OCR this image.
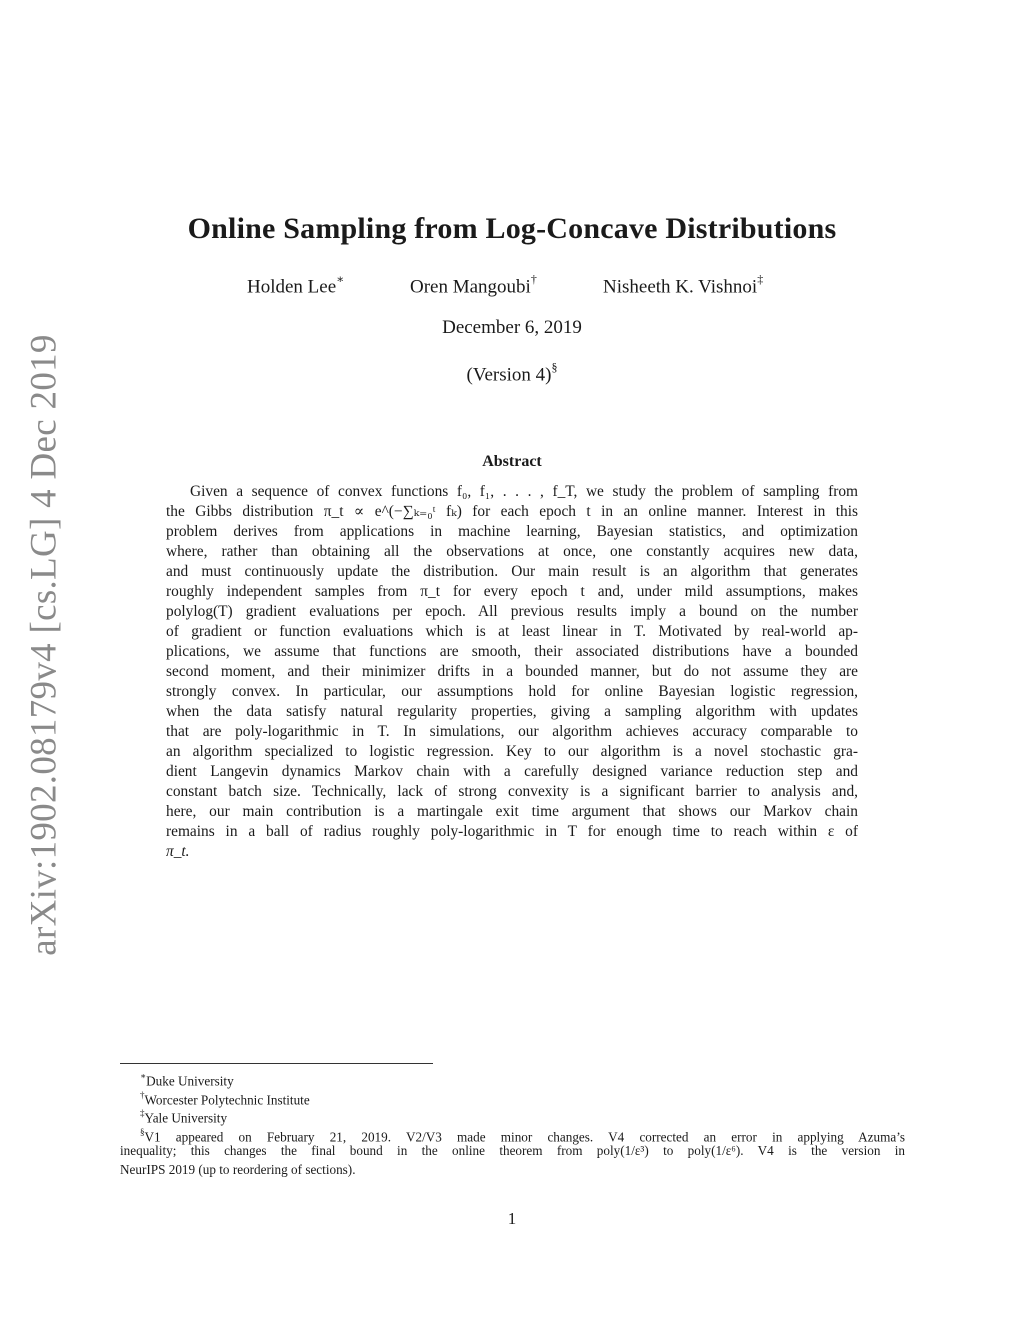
arXiv:1902.08179v4 [cs.LG] 4 Dec 2019
Online Sampling from Log-Concave Distributions
Holden Lee∗	Oren Mangoubi†	Nisheeth K. Vishnoi‡
December 6, 2019
(Version 4)§
Abstract
Given a sequence of convex functions f₀, f₁, . . . , f_T, we study the problem of sampling from
the Gibbs distribution π_t ∝ e^(−∑ₖ₌₀ᵗ fₖ) for each epoch t in an online manner. Interest in this
problem derives from applications in machine learning, Bayesian statistics, and optimization
where, rather than obtaining all the observations at once, one constantly acquires new data,
and must continuously update the distribution. Our main result is an algorithm that generates
roughly independent samples from π_t for every epoch t and, under mild assumptions, makes
polylog(T) gradient evaluations per epoch. All previous results imply a bound on the number
of gradient or function evaluations which is at least linear in T. Motivated by real-world ap-
plications, we assume that functions are smooth, their associated distributions have a bounded
second moment, and their minimizer drifts in a bounded manner, but do not assume they are
strongly convex. In particular, our assumptions hold for online Bayesian logistic regression,
when the data satisfy natural regularity properties, giving a sampling algorithm with updates
that are poly-logarithmic in T. In simulations, our algorithm achieves accuracy comparable to
an algorithm specialized to logistic regression. Key to our algorithm is a novel stochastic gra-
dient Langevin dynamics Markov chain with a carefully designed variance reduction step and
constant batch size. Technically, lack of strong convexity is a significant barrier to analysis and,
here, our main contribution is a martingale exit time argument that shows our Markov chain
remains in a ball of radius roughly poly-logarithmic in T for enough time to reach within ε of
π_t.
∗Duke University
†Worcester Polytechnic Institute
‡Yale University
§V1 appeared on February 21, 2019. V2/V3 made minor changes. V4 corrected an error in applying Azuma’s
inequality; this changes the final bound in the online theorem from poly(1/ε³) to poly(1/ε⁶). V4 is the version in
NeurIPS 2019 (up to reordering of sections).
1
